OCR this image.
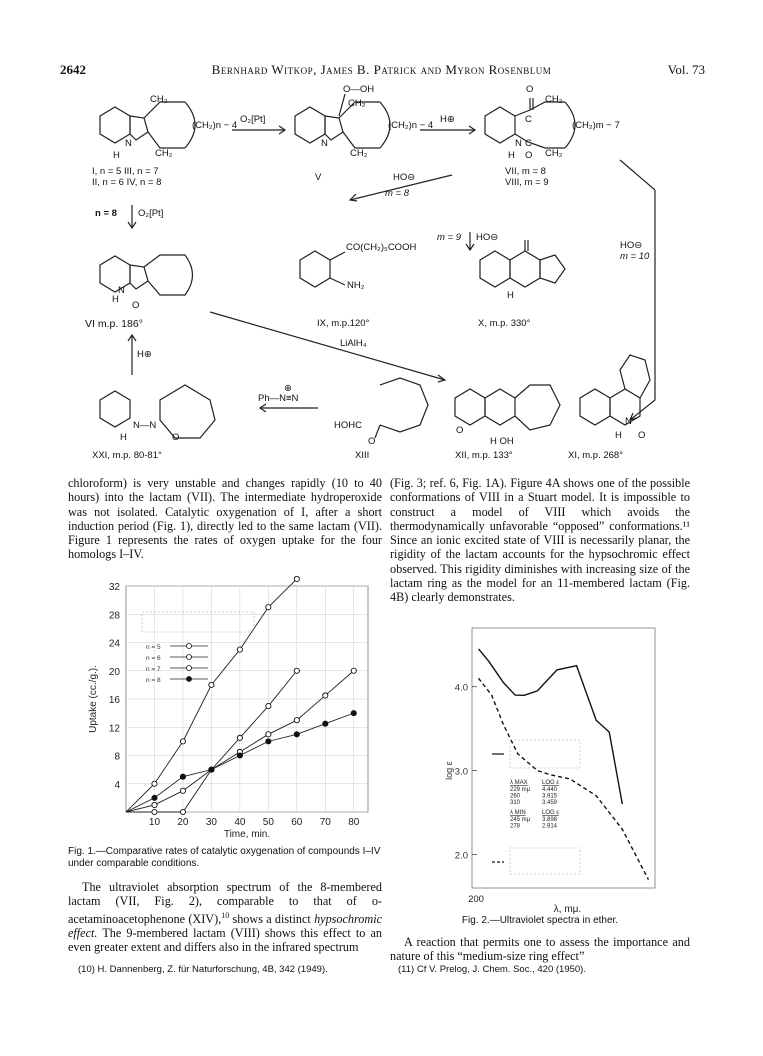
2642	Bernhard Witkop, James B. Patrick and Myron Rosenblum	Vol. 73
O—OH	O
CH₂
(CH₂)n − 4
CH₂
CH₂
(CH₂)n − 4
CH₂
CH₂
(CH₂)m − 7
CH₂
N
H
N	N
H
C
C
O
O₂[Pt]	H⊕
I, n = 5 III, n = 7
II, n = 6 IV, n = 8	V	HO⊖
m = 8
VII, m = 8
VIII, m = 9
n = 8 O₂[Pt]
m = 9 HO⊖
HO⊖
m = 10
CO(CH₂)₅COOH
NH₂
N
H
O
H
VI m.p. 186°	IX, m.p.120°	X, m.p. 330°
LiAlH₄
H⊕
⊕
Ph—N≡N
N—N
H	O
HOHC
O
O
H OH
N
H O
XXI, m.p. 80-81°	XIII	XII, m.p. 133°	XI, m.p. 268°

chloroform) is very unstable and changes rapidly (10 to 40 hours) into the lactam (VII). The intermediate hydroperoxide was not isolated. Catalytic oxygenation of I, after a short induction period (Fig. 1), directly led to the same lactam (VII). Figure 1 represents the rates of oxygen uptake for the four homologs I–IV.

4
8
12
16
20
24
28
32
10 20 30 40 50 60 70 80
Time, min.
Uptake (cc./g.).
n = 5
n = 6
n = 7
n = 8
Fig. 1.—Comparative rates of catalytic oxygenation of compounds I–IV under comparable conditions.

The ultraviolet absorption spectrum of the 8-membered lactam (VII, Fig. 2), comparable to that of o-acetaminoacetophenone (XIV),$^{10}$ shows a distinct hypsochromic effect. The 9-membered lactam (VIII) shows this effect to an even greater extent and differs also in the infrared spectrum

(10) H. Dannenberg, Z. für Naturforschung, 4B, 342 (1949).

(Fig. 3; ref. 6, Fig. 1A). Figure 4A shows one of the possible conformations of VIII in a Stuart model. It is impossible to construct a model of VIII which avoids the thermodynamically unfavorable “opposed” conformations.¹¹ Since an ionic excited state of VIII is necessarily planar, the rigidity of the lactam accounts for the hypsochromic effect observed. This rigidity diminishes with increasing size of the lactam ring as the model for an 11-membered lactam (Fig. 4B) clearly demonstrates.

2.0
3.0
4.0
log ε
200
λ, mμ.
λ MAX LOG ε
229 mμ 4.440
260	3.915
310	3.459
λ MIN	LOG ε
245 mμ 3.898
278	2.914
Fig. 2.—Ultraviolet spectra in ether.

A reaction that permits one to assess the importance and nature of this “medium-size ring effect”

(11) Cf V. Prelog, J. Chem. Soc., 420 (1950).
